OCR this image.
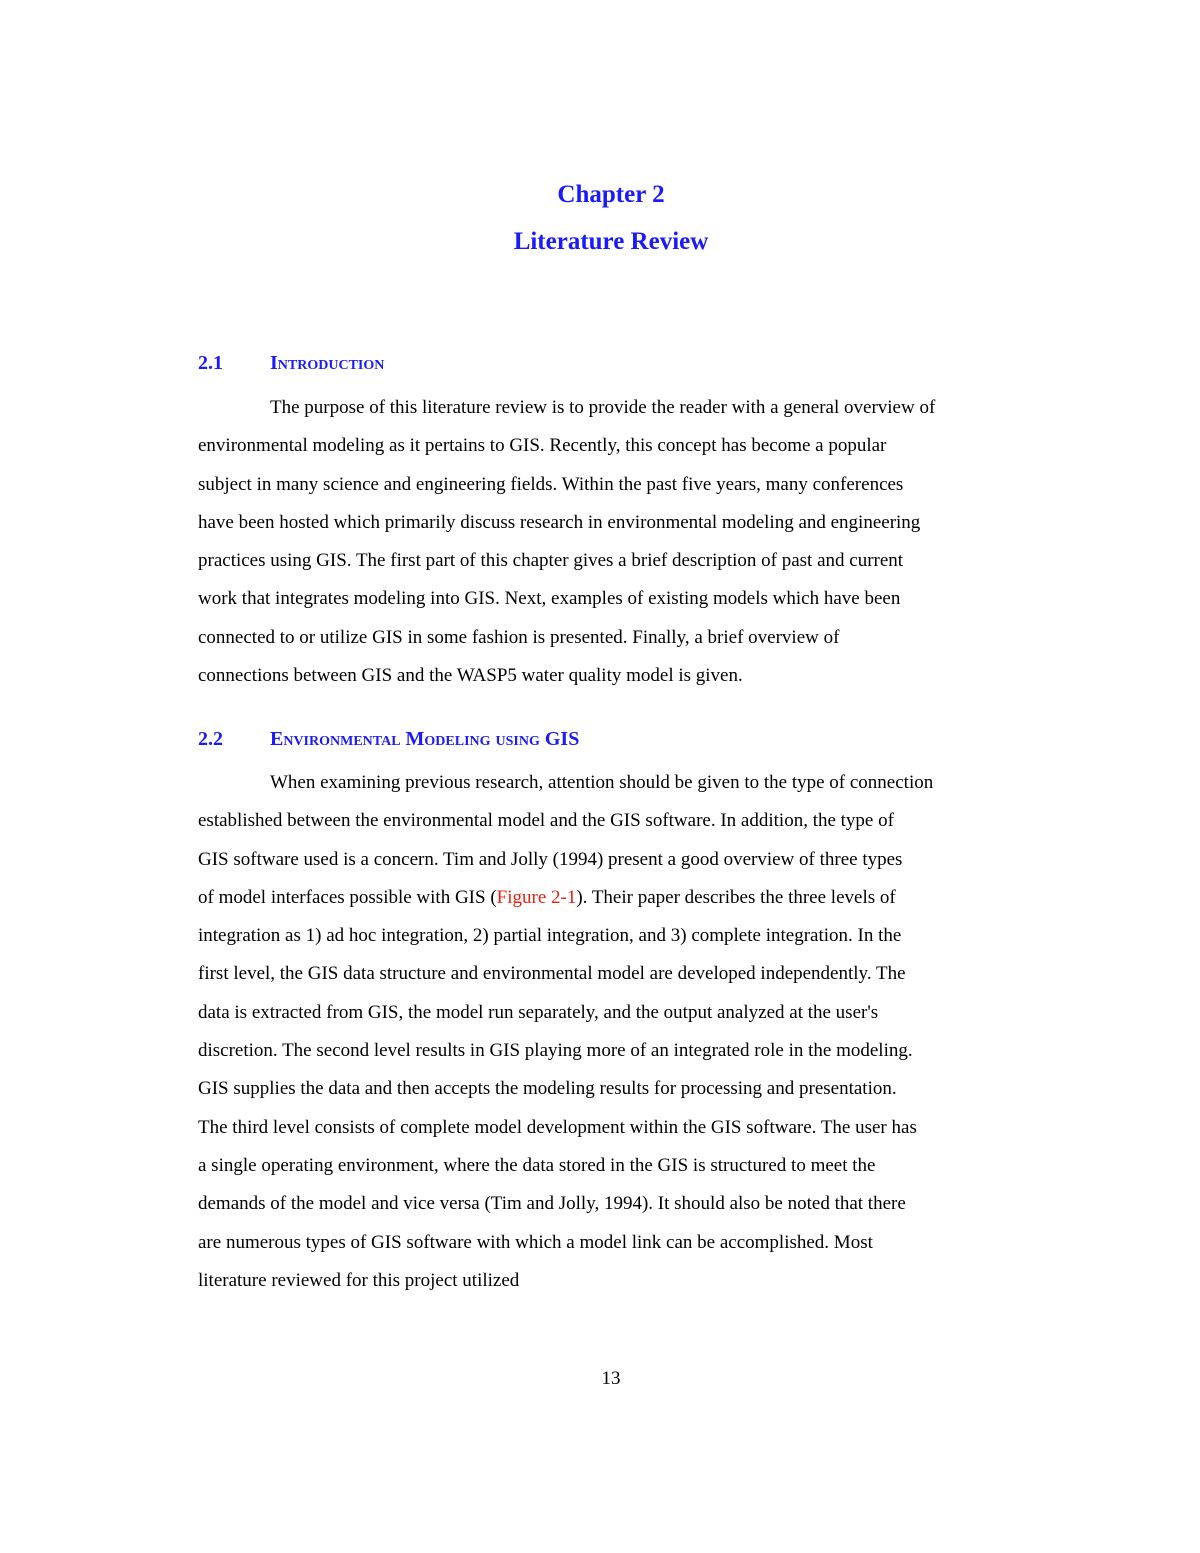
Chapter 2
Literature Review
2.1 Introduction
The purpose of this literature review is to provide the reader with a general overview of
environmental modeling as it pertains to GIS. Recently, this concept has become a popular
subject in many science and engineering fields. Within the past five years, many conferences
have been hosted which primarily discuss research in environmental modeling and engineering
practices using GIS. The first part of this chapter gives a brief description of past and current
work that integrates modeling into GIS. Next, examples of existing models which have been
connected to or utilize GIS in some fashion is presented. Finally, a brief overview of
connections between GIS and the WASP5 water quality model is given.
2.2 Environmental Modeling using GIS
When examining previous research, attention should be given to the type of connection
established between the environmental model and the GIS software. In addition, the type of
GIS software used is a concern. Tim and Jolly (1994) present a good overview of three types
of model interfaces possible with GIS (Figure 2-1). Their paper describes the three levels of
integration as 1) ad hoc integration, 2) partial integration, and 3) complete integration. In the
first level, the GIS data structure and environmental model are developed independently. The
data is extracted from GIS, the model run separately, and the output analyzed at the user's
discretion. The second level results in GIS playing more of an integrated role in the modeling.
GIS supplies the data and then accepts the modeling results for processing and presentation.
The third level consists of complete model development within the GIS software. The user has
a single operating environment, where the data stored in the GIS is structured to meet the
demands of the model and vice versa (Tim and Jolly, 1994). It should also be noted that there
are numerous types of GIS software with which a model link can be accomplished. Most
literature reviewed for this project utilized
13
